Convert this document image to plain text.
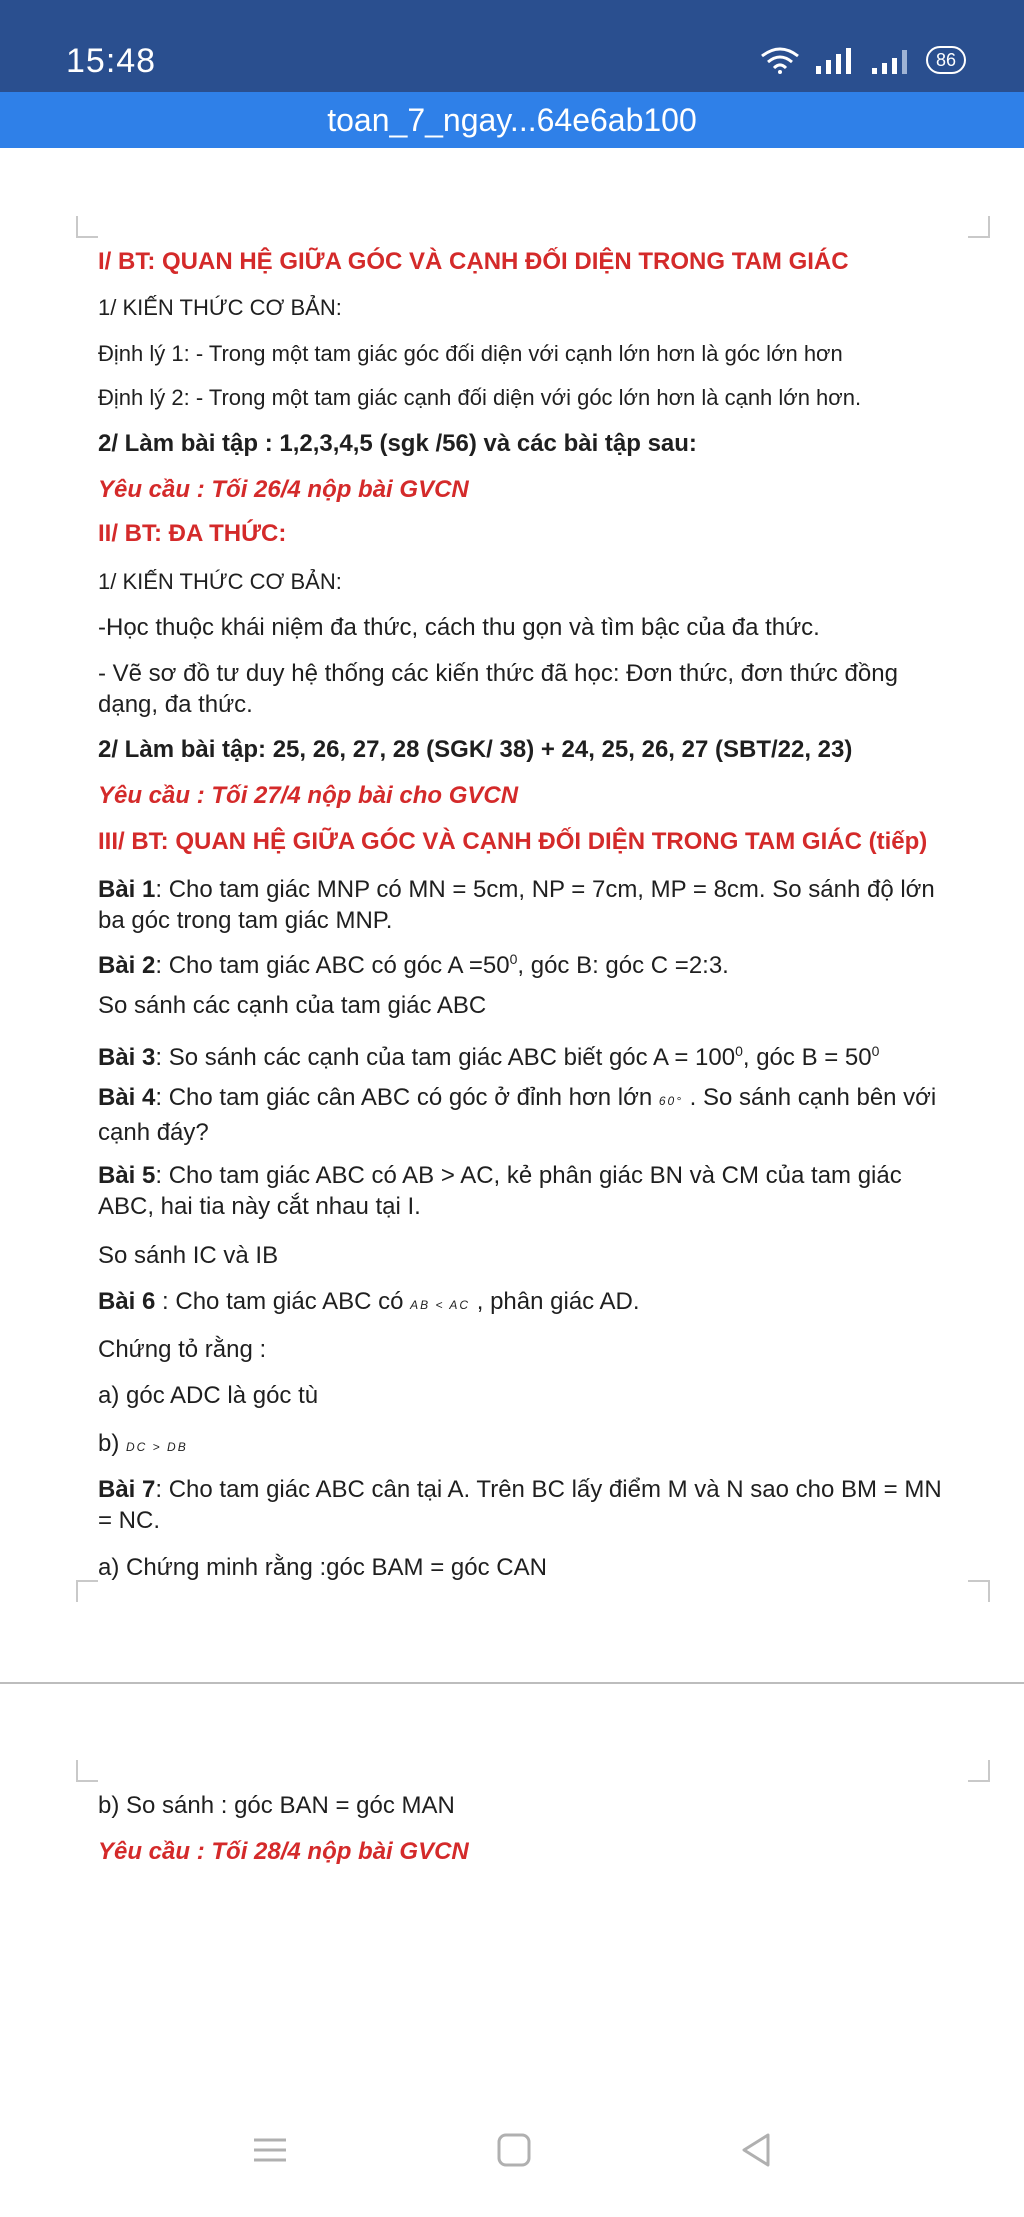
15:48	86
toan_7_ngay...64e6ab100
I/ BT: QUAN HỆ GIỮA GÓC VÀ CẠNH ĐỐI DIỆN TRONG TAM GIÁC
1/ KIẾN THỨC CƠ BẢN:
Định lý 1: - Trong một tam giác góc đối diện với cạnh lớn hơn là góc lớn hơn
Định lý 2: - Trong một tam giác cạnh đối diện với góc lớn hơn là cạnh lớn hơn.
2/ Làm bài tập : 1,2,3,4,5 (sgk /56) và các bài tập sau:
Yêu cầu : Tối 26/4 nộp bài GVCN
II/ BT: ĐA THỨC:
1/ KIẾN THỨC CƠ BẢN:
-Học thuộc khái niệm đa thức, cách thu gọn và tìm bậc của đa thức.
- Vẽ sơ đồ tư duy hệ thống các kiến thức đã học: Đơn thức, đơn thức đồng dạng, đa thức.
2/ Làm bài tập: 25, 26, 27, 28 (SGK/ 38) + 24, 25, 26, 27 (SBT/22, 23)
Yêu cầu : Tối 27/4 nộp bài cho GVCN
III/ BT: QUAN HỆ GIỮA GÓC VÀ CẠNH ĐỐI DIỆN TRONG TAM GIÁC (tiếp)
Bài 1: Cho tam giác MNP có MN = 5cm, NP = 7cm, MP = 8cm. So sánh độ lớn ba góc trong tam giác MNP.
Bài 2: Cho tam giác ABC có góc $A =50^0$, góc B: góc C =2:3.
So sánh các cạnh của tam giác ABC
Bài 3: So sánh các cạnh của tam giác ABC biết góc $A = 100^0$, góc $B = 50^0$
Bài 4: Cho tam giác cân ABC có góc ở đỉnh hơn lớn 60° . So sánh cạnh bên với cạnh đáy?
Bài 5: Cho tam giác ABC có AB > AC, kẻ phân giác BN và CM của tam giác ABC, hai tia này cắt nhau tại I.
So sánh IC và IB
Bài 6 : Cho tam giác ABC có AB < AC , phân giác AD.
Chứng tỏ rằng :
a) góc ADC là góc tù
b) DC > DB
Bài 7: Cho tam giác ABC cân tại A. Trên BC lấy điểm M và N sao cho BM = MN = NC.
a) Chứng minh rằng :góc BAM = góc CAN
b) So sánh : góc BAN = góc MAN
Yêu cầu : Tối 28/4 nộp bài GVCN
